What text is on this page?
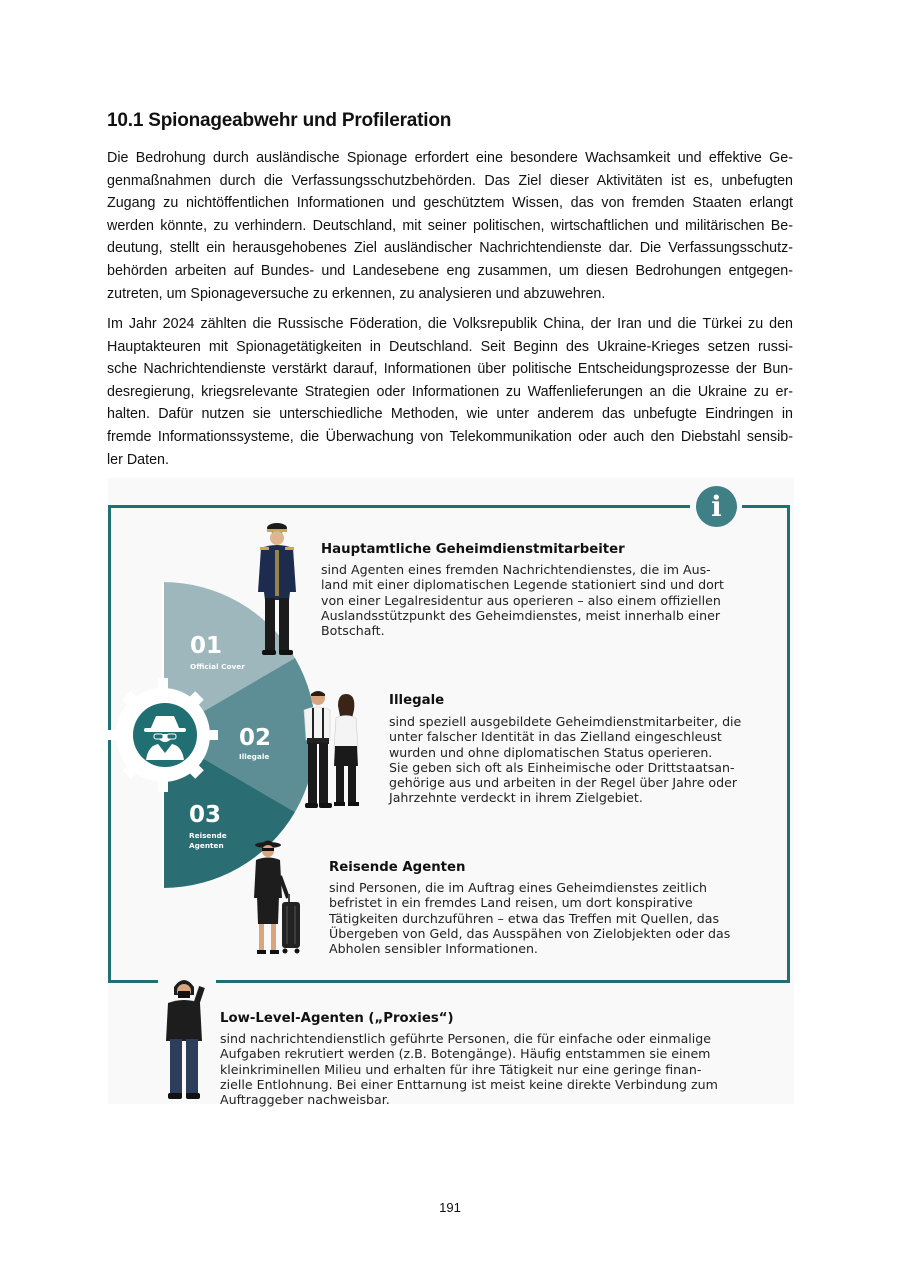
10.1 Spionageabwehr und Profileration

Die Bedrohung durch ausländische Spionage erfordert eine besondere Wachsamkeit und effektive Ge-
genmaßnahmen durch die Verfassungsschutzbehörden. Das Ziel dieser Aktivitäten ist es, unbefugten
Zugang zu nichtöffentlichen Informationen und geschütztem Wissen, das von fremden Staaten erlangt
werden könnte, zu verhindern. Deutschland, mit seiner politischen, wirtschaftlichen und militärischen Be-
deutung, stellt ein herausgehobenes Ziel ausländischer Nachrichtendienste dar. Die Verfassungsschutz-
behörden arbeiten auf Bundes- und Landesebene eng zusammen, um diesen Bedrohungen entgegen-
zutreten, um Spionageversuche zu erkennen, zu analysieren und abzuwehren.

Im Jahr 2024 zählten die Russische Föderation, die Volksrepublik China, der Iran und die Türkei zu den
Hauptakteuren mit Spionagetätigkeiten in Deutschland. Seit Beginn des Ukraine-Krieges setzen russi-
sche Nachrichtendienste verstärkt darauf, Informationen über politische Entscheidungsprozesse der Bun-
desregierung, kriegsrelevante Strategien oder Informationen zu Waffenlieferungen an die Ukraine zu er-
halten. Dafür nutzen sie unterschiedliche Methoden, wie unter anderem das unbefugte Eindringen in
fremde Informationssysteme, die Überwachung von Telekommunikation oder auch den Diebstahl sensib-
ler Daten.

i
01
Official Cover
02
Illegale
03
Reisende
Agenten
Hauptamtliche Geheimdienstmitarbeiter

sind Agenten eines fremden Nachrichtendienstes, die im Aus-
land mit einer diplomatischen Legende stationiert sind und dort
von einer Legalresidentur aus operieren – also einem offiziellen
Auslandsstützpunkt des Geheimdienstes, meist innerhalb einer
Botschaft.

Illegale

sind speziell ausgebildete Geheimdienstmitarbeiter, die
unter falscher Identität in das Zielland eingeschleust
wurden und ohne diplomatischen Status operieren.
Sie geben sich oft als Einheimische oder Drittstaatsan-
gehörige aus und arbeiten in der Regel über Jahre oder
Jahrzehnte verdeckt in ihrem Zielgebiet.

Reisende Agenten

sind Personen, die im Auftrag eines Geheimdienstes zeitlich
befristet in ein fremdes Land reisen, um dort konspirative
Tätigkeiten durchzuführen – etwa das Treffen mit Quellen, das
Übergeben von Geld, das Ausspähen von Zielobjekten oder das
Abholen sensibler Informationen.

Low-Level-Agenten („Proxies“)

sind nachrichtendienstlich geführte Personen, die für einfache oder einmalige
Aufgaben rekrutiert werden (z.B. Botengänge). Häufig entstammen sie einem
kleinkriminellen Milieu und erhalten für ihre Tätigkeit nur eine geringe finan-
zielle Entlohnung. Bei einer Enttarnung ist meist keine direkte Verbindung zum
Auftraggeber nachweisbar.

191
